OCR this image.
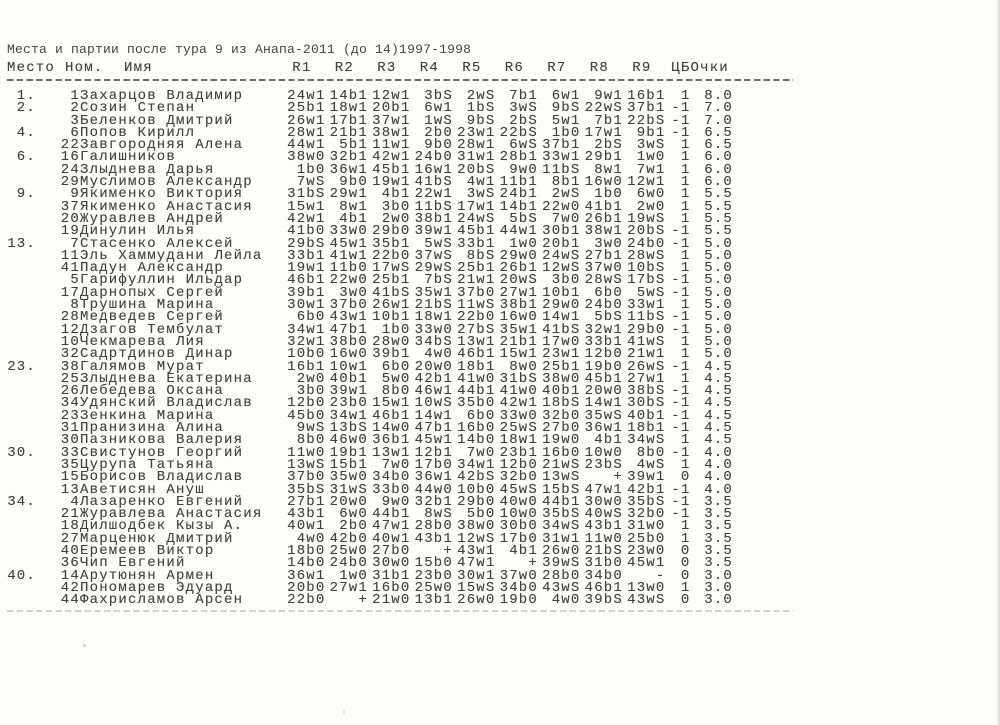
Места и партии после тура 9 из Анапа-2011 (до 14)1997-1998
Место	Ном.	Имя	R1	R2	R3	R4	R5	R6	R7	R8	R9	ЦБ	Очки

1.	1	Захарцов Владимир	24w1	14b1	12w1	3bS	2wS	7b1	6w1	9w1	16b1	1	8.0
2.	2	Созин Степан	25b1	18w1	20b1	6w1	1bS	3wS	9bS	22wS	37b1	-1	7.0
	3	Беленков Дмитрий	26w1	17b1	37w1	1wS	9bS	2bS	5w1	7b1	22bS	-1	7.0
4.	6	Попов Кирилл	28w1	21b1	38w1	2b0	23w1	22bS	1b0	17w1	9b1	-1	6.5
	22	Завгородняя Алена	44w1	5b1	11w1	9b0	28w1	6wS	37b1	2bS	3wS	1	6.5
6.	16	Галишников	38w0	32b1	42w1	24b0	31w1	28b1	33w1	29b1	1w0	1	6.0
	24	Злыднева Дарья	1b0	36w1	45b1	16w1	20bS	9w0	11bS	8w1	7w1	1	6.0
	29	Муслимов Александр	7wS	9b0	19w1	41bS	4w1	11b1	8b1	16w0	12w1	1	6.0
9.	9	Якименко Виктория	31bS	29w1	4b1	22w1	3wS	24b1	2wS	1b0	6w0	1	5.5
	37	Якименко Анастасия	15w1	8w1	3b0	11bS	17w1	14b1	22w0	41b1	2w0	1	5.5
	20	Журавлев Андрей	42w1	4b1	2w0	38b1	24wS	5bS	7w0	26b1	19wS	1	5.5
	19	Динулин Илья	41b0	33w0	29b0	39w1	45b1	44w1	30b1	38w1	20bS	-1	5.5
13.	7	Стасенко Алексей	29bS	45w1	35b1	5wS	33b1	1w0	20b1	3w0	24b0	-1	5.0
	11	Эль Хаммудани Лейла	33b1	41w1	22b0	37wS	8bS	29w0	24wS	27b1	28wS	1	5.0
	41	Падун Александр	19w1	11b0	17wS	29wS	25b1	26b1	12wS	37w0	10bS	1	5.0
	5	Гарифуллин Ильдар	46b1	22w0	25b1	7bS	21w1	20wS	3b0	28wS	17bS	-1	5.0
	17	Дарнопых Сергей	39b1	3w0	41bS	35w1	37b0	27w1	10b1	6b0	5wS	-1	5.0
	8	Трушина Марина	30w1	37b0	26w1	21bS	11wS	38b1	29w0	24b0	33w1	1	5.0
	28	Медведев Сергей	6b0	43w1	10b1	18w1	22b0	16w0	14w1	5bS	11bS	-1	5.0
	12	Дзагов Тембулат	34w1	47b1	1b0	33w0	27bS	35w1	41bS	32w1	29b0	-1	5.0
	10	Чекмарева Лия	32w1	38b0	28w0	34bS	13w1	21b1	17w0	33b1	41wS	1	5.0
	32	Садртдинов Динар	10b0	16w0	39b1	4w0	46b1	15w1	23w1	12b0	21w1	1	5.0
23.	38	Галямов Мурат	16b1	10w1	6b0	20w0	18b1	8w0	25b1	19b0	26wS	-1	4.5
	25	Злыднева Екатерина	2w0	40b1	5w0	42b1	41w0	31bS	38w0	45b1	27w1	1	4.5
	26	Лебедева Оксана	3b0	39w1	8b0	46w1	44b1	41w0	40b1	20w0	38bS	-1	4.5
	34	Удянский Владислав	12b0	23b0	15w1	10wS	35b0	42w1	18bS	14w1	30bS	-1	4.5
	23	Зенкина Марина	45b0	34w1	46b1	14w1	6b0	33w0	32b0	35wS	40b1	-1	4.5
	31	Пранизина Алина	9wS	13bS	14w0	47b1	16b0	25wS	27b0	36w1	18b1	-1	4.5
	30	Пазникова Валерия	8b0	46w0	36b1	45w1	14b0	18w1	19w0	4b1	34wS	1	4.5
30.	33	Свистунов Георгий	11w0	19b1	13w1	12b1	7w0	23b1	16b0	10w0	8b0	-1	4.0
	35	Цурупа Татьяна	13wS	15b1	7w0	17b0	34w1	12b0	21wS	23bS	4wS	1	4.0
	15	Борисов Владислав	37b0	35w0	34b0	36w1	42bS	32b0	13wS	+	39w1	0	4.0
	13	Аветисян Ануш	35bS	31wS	33b0	44w0	10b0	45wS	15bS	47w1	42b1	-1	4.0
34.	4	Лазаренко Евгений	27b1	20w0	9w0	32b1	29b0	40w0	44b1	30w0	35bS	-1	3.5
	21	Журавлева Анастасия	43b1	6w0	44b1	8wS	5b0	10w0	35bS	40wS	32b0	-1	3.5
	18	Дилшодбек Кызы А.	40w1	2b0	47w1	28b0	38w0	30b0	34wS	43b1	31w0	1	3.5
	27	Марценюк Дмитрий	4w0	42b0	40w1	43b1	12wS	17b0	31w1	11w0	25b0	1	3.5
	40	Еремеев Виктор	18b0	25w0	27b0	+	43w1	4b1	26w0	21bS	23w0	0	3.5
	36	Чип Евгений	14b0	24b0	30w0	15b0	47w1	+	39wS	31b0	45w1	0	3.5
40.	14	Арутюнян Армен	36w1	1w0	31b1	23b0	30w1	37w0	28b0	34b0	-	0	3.0
	42	Пономарев Эдуард	20b0	27w1	16b0	25w0	15wS	34b0	43wS	46b1	13w0	1	3.0
	44	Фахрисламов Арсен	22b0	+	21w0	13b1	26w0	19b0	4w0	39bS	43wS	0	3.0
